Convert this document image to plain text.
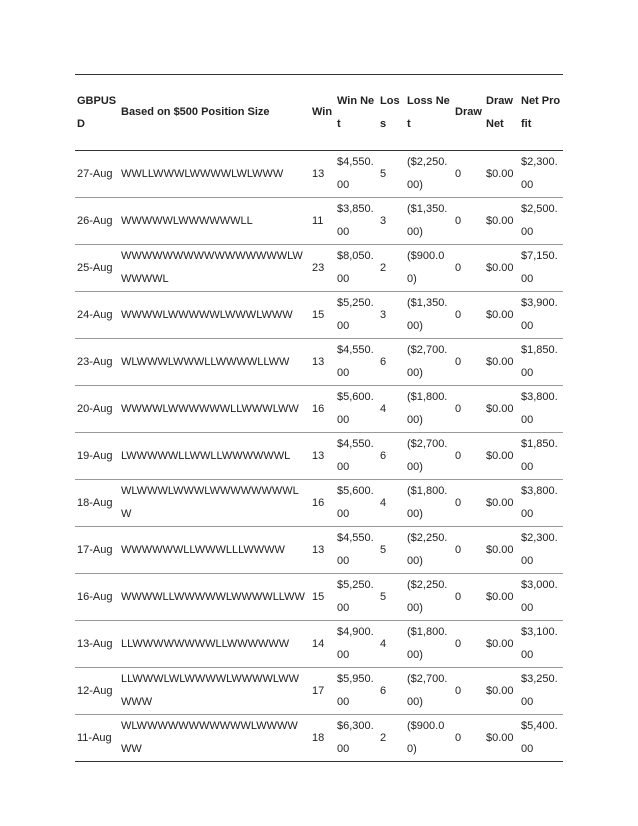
GBPUSD	Based on $500 Position Size	Win	Win Net	Loss	Loss Net	Draw	Draw Net	Net Profit
27-Aug	WWLLWWWLWWWWLWLWWW	13	$4,550.00	5	($2,250.00)	0	$0.00	$2,300.00
26-Aug	WWWWWLWWWWWWLL	11	$3,850.00	3	($1,350.00)	0	$0.00	$2,500.00
25-Aug	WWWWWWWWWWWWWWWWLWWWWWL	23	$8,050.00	2	($900.00)	0	$0.00	$7,150.00
24-Aug	WWWWLWWWWWLWWWLWWW	15	$5,250.00	3	($1,350.00)	0	$0.00	$3,900.00
23-Aug	WLWWWLWWWLLWWWWLLWW	13	$4,550.00	6	($2,700.00)	0	$0.00	$1,850.00
20-Aug	WWWWLWWWWWWLLWWWLWW	16	$5,600.00	4	($1,800.00)	0	$0.00	$3,800.00
19-Aug	LWWWWWLLWWLLWWWWWWL	13	$4,550.00	6	($2,700.00)	0	$0.00	$1,850.00
18-Aug	WLWWWLWWWLWWWWWWWWLW	16	$5,600.00	4	($1,800.00)	0	$0.00	$3,800.00
17-Aug	WWWWWWLLWWWLLLWWWW	13	$4,550.00	5	($2,250.00)	0	$0.00	$2,300.00
16-Aug	WWWWLLWWWWWLWWWWLLWW	15	$5,250.00	5	($2,250.00)	0	$0.00	$3,000.00
13-Aug	LLWWWWWWWWLLWWWWWW	14	$4,900.00	4	($1,800.00)	0	$0.00	$3,100.00
12-Aug	LLWWWLWLWWWWLWWWWLWWWWW	17	$5,950.00	6	($2,700.00)	0	$0.00	$3,250.00
11-Aug	WLWWWWWWWWWWWLWWWWWW	18	$6,300.00	2	($900.00)	0	$0.00	$5,400.00
